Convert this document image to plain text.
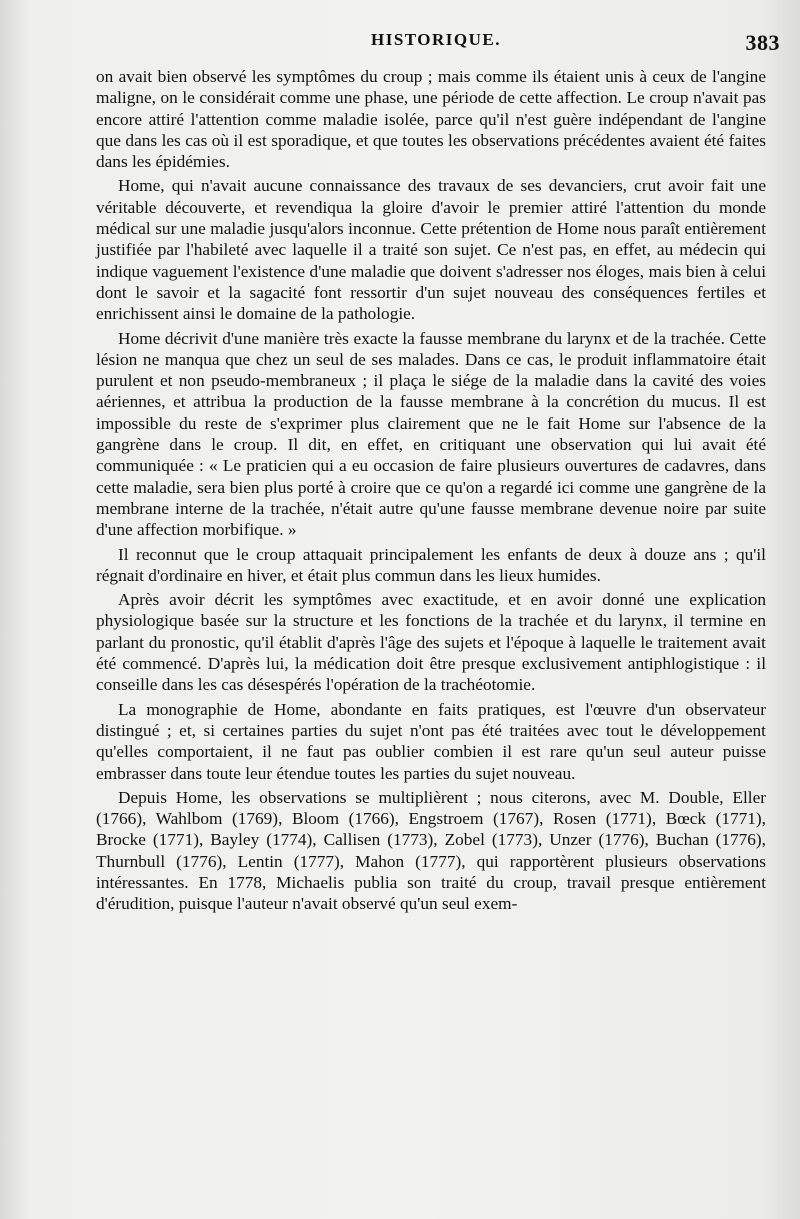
HISTORIQUE.	383

on avait bien observé les symptômes du croup ; mais comme ils étaient unis à ceux de l'angine maligne, on le considérait comme une phase, une période de cette affection. Le croup n'avait pas encore attiré l'attention comme maladie isolée, parce qu'il n'est guère indépendant de l'angine que dans les cas où il est sporadique, et que toutes les observations précédentes avaient été faites dans les épidémies.

Home, qui n'avait aucune connaissance des travaux de ses devanciers, crut avoir fait une véritable découverte, et revendiqua la gloire d'avoir le premier attiré l'attention du monde médical sur une maladie jusqu'alors inconnue. Cette prétention de Home nous paraît entièrement justifiée par l'habileté avec laquelle il a traité son sujet. Ce n'est pas, en effet, au médecin qui indique vaguement l'existence d'une maladie que doivent s'adresser nos éloges, mais bien à celui dont le savoir et la sagacité font ressortir d'un sujet nouveau des conséquences fertiles et enrichissent ainsi le domaine de la pathologie.

Home décrivit d'une manière très exacte la fausse membrane du larynx et de la trachée. Cette lésion ne manqua que chez un seul de ses malades. Dans ce cas, le produit inflammatoire était purulent et non pseudo-membraneux ; il plaça le siége de la maladie dans la cavité des voies aériennes, et attribua la production de la fausse membrane à la concrétion du mucus. Il est impossible du reste de s'exprimer plus clairement que ne le fait Home sur l'absence de la gangrène dans le croup. Il dit, en effet, en critiquant une observation qui lui avait été communiquée : « Le praticien qui a eu occasion de faire plusieurs ouvertures de cadavres, dans cette maladie, sera bien plus porté à croire que ce qu'on a regardé ici comme une gangrène de la membrane interne de la trachée, n'était autre qu'une fausse membrane devenue noire par suite d'une affection morbifique. »

Il reconnut que le croup attaquait principalement les enfants de deux à douze ans ; qu'il régnait d'ordinaire en hiver, et était plus commun dans les lieux humides.

Après avoir décrit les symptômes avec exactitude, et en avoir donné une explication physiologique basée sur la structure et les fonctions de la trachée et du larynx, il termine en parlant du pronostic, qu'il établit d'après l'âge des sujets et l'époque à laquelle le traitement avait été commencé. D'après lui, la médication doit être presque exclusivement antiphlogistique : il conseille dans les cas désespérés l'opération de la trachéotomie.

La monographie de Home, abondante en faits pratiques, est l'œuvre d'un observateur distingué ; et, si certaines parties du sujet n'ont pas été traitées avec tout le développement qu'elles comportaient, il ne faut pas oublier combien il est rare qu'un seul auteur puisse embrasser dans toute leur étendue toutes les parties du sujet nouveau.

Depuis Home, les observations se multiplièrent ; nous citerons, avec M. Double, Eller (1766), Wahlbom (1769), Bloom (1766), Engstroem (1767), Rosen (1771), Bœck (1771), Brocke (1771), Bayley (1774), Callisen (1773), Zobel (1773), Unzer (1776), Buchan (1776), Thurnbull (1776), Lentin (1777), Mahon (1777), qui rapportèrent plusieurs observations intéressantes. En 1778, Michaelis publia son traité du croup, travail presque entièrement d'érudition, puisque l'auteur n'avait observé qu'un seul exem-
